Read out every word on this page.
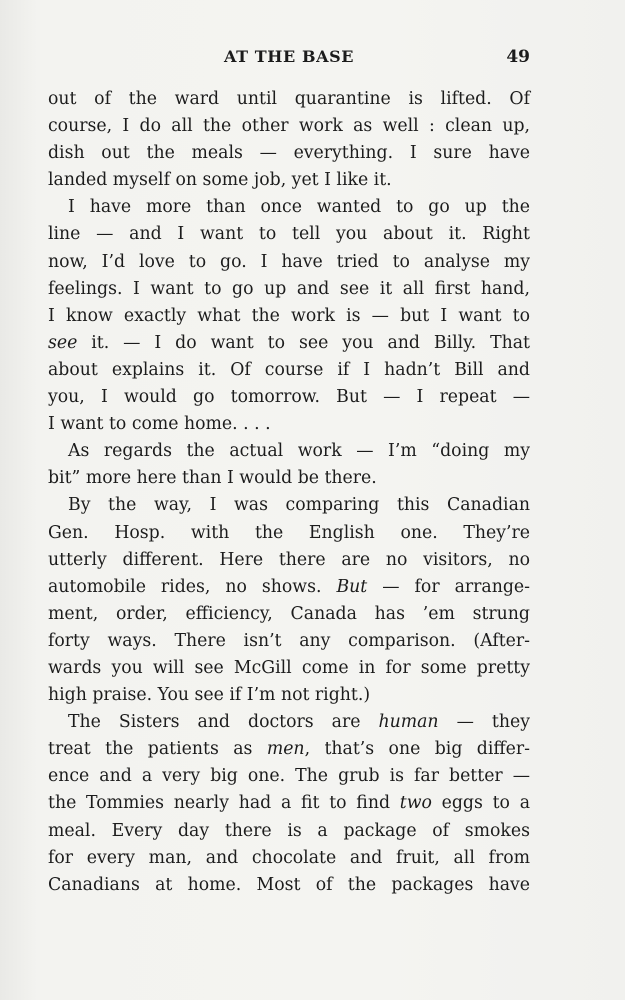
AT THE BASE	49
out of the ward until quarantine is lifted. Of
course, I do all the other work as well : clean up,
dish out the meals — everything. I sure have
landed myself on some job, yet I like it.
I have more than once wanted to go up the
line — and I want to tell you about it. Right
now, I’d love to go. I have tried to analyse my
feelings. I want to go up and see it all first hand,
I know exactly what the work is — but I want to
see it. — I do want to see you and Billy. That
about explains it. Of course if I hadn’t Bill and
you, I would go tomorrow. But — I repeat —
I want to come home. . . .
As regards the actual work — I’m “doing my
bit” more here than I would be there.
By the way, I was comparing this Canadian
Gen. Hosp. with the English one. They’re
utterly different. Here there are no visitors, no
automobile rides, no shows. But — for arrange-
ment, order, efficiency, Canada has ’em strung
forty ways. There isn’t any comparison. (After-
wards you will see McGill come in for some pretty
high praise. You see if I’m not right.)
The Sisters and doctors are human — they
treat the patients as men, that’s one big differ-
ence and a very big one. The grub is far better —
the Tommies nearly had a fit to find two eggs to a
meal. Every day there is a package of smokes
for every man, and chocolate and fruit, all from
Canadians at home. Most of the packages have
